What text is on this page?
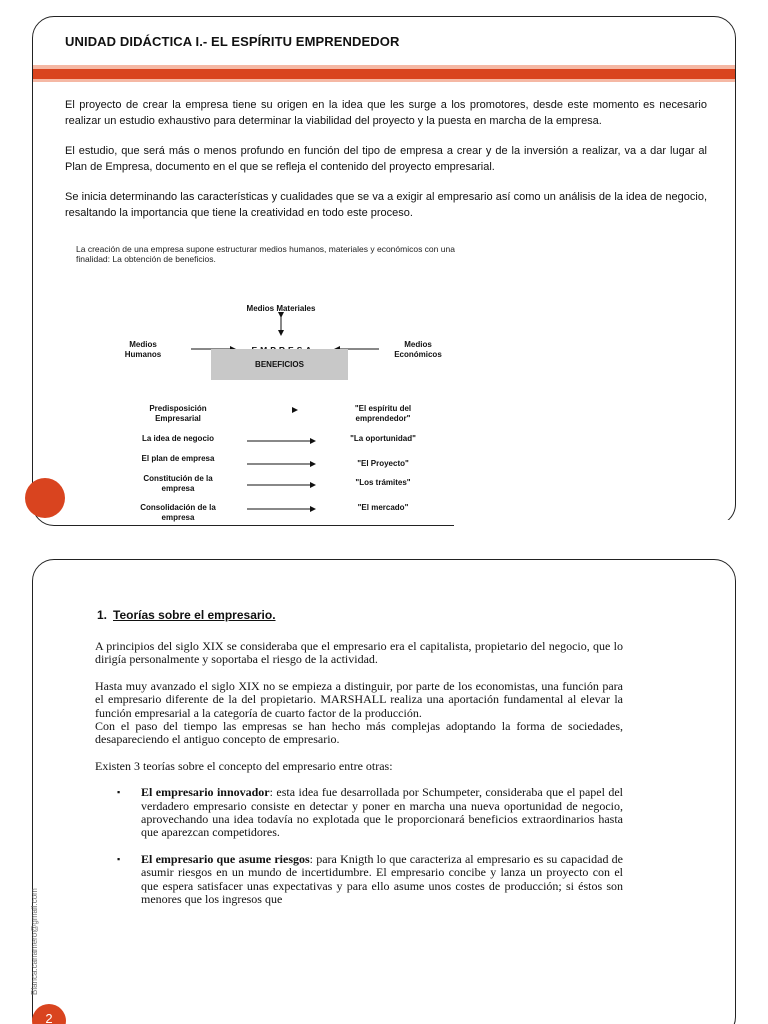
UNIDAD DIDÁCTICA I.- EL ESPÍRITU EMPRENDEDOR

El proyecto de crear la empresa tiene su origen en la idea que les surge a los promotores, desde este momento es necesario realizar un estudio exhaustivo para determinar la viabilidad del proyecto y la puesta en marcha de la empresa.

El estudio, que será más o menos profundo en función del tipo de empresa a crear y de la inversión a realizar, va a dar lugar al Plan de Empresa, documento en el que se refleja el contenido del proyecto empresarial.

Se inicia determinando las características y cualidades que se va a exigir al empresario así como un análisis de la idea de negocio, resaltando la importancia que tiene la creatividad en todo este proceso.

La creación de una empresa supone estructurar medios humanos, materiales y económicos con una finalidad: La obtención de beneficios.
Medios Materiales
Medios Humanos
Medios Económicos
BENEFICIOS
Predisposición Empresarial
"El espíritu del emprendedor"
La idea de negocio	"La oportunidad"
El plan de empresa
"El Proyecto"
Constitución de la empresa
"Los trámites"
Consolidación de la empresa
"El mercado"
1. Teorías sobre el empresario.

A principios del siglo XIX se consideraba que el empresario era el capitalista, propietario del negocio, que lo dirigía personalmente y soportaba el riesgo de la actividad.

Hasta muy avanzado el siglo XIX no se empieza a distinguir, por parte de los economistas, una función para el empresario diferente de la del propietario. MARSHALL realiza una aportación fundamental al elevar la función empresarial a la categoría de cuarto factor de la producción.

Con el paso del tiempo las empresas se han hecho más complejas adoptando la forma de sociedades, desapareciendo el antiguo concepto de empresario.

Existen 3 teorías sobre el concepto del empresario entre otras:

▪ El empresario innovador: esta idea fue desarrollada por Schumpeter, consideraba que el papel del verdadero empresario consiste en detectar y poner en marcha una nueva oportunidad de negocio, aprovechando una idea todavía no explotada que le proporcionará beneficios extraordinarios hasta que aparezcan competidores.
▪ El empresario que asume riesgos: para Knigth lo que caracteriza al empresario es su capacidad de asumir riesgos en un mundo de incertidumbre. El empresario concibe y lanza un proyecto con el que espera satisfacer unas expectativas y para ello asume unos costes de producción; si éstos son menores que los ingresos que
Blanca.canamero@gmail.com
2
